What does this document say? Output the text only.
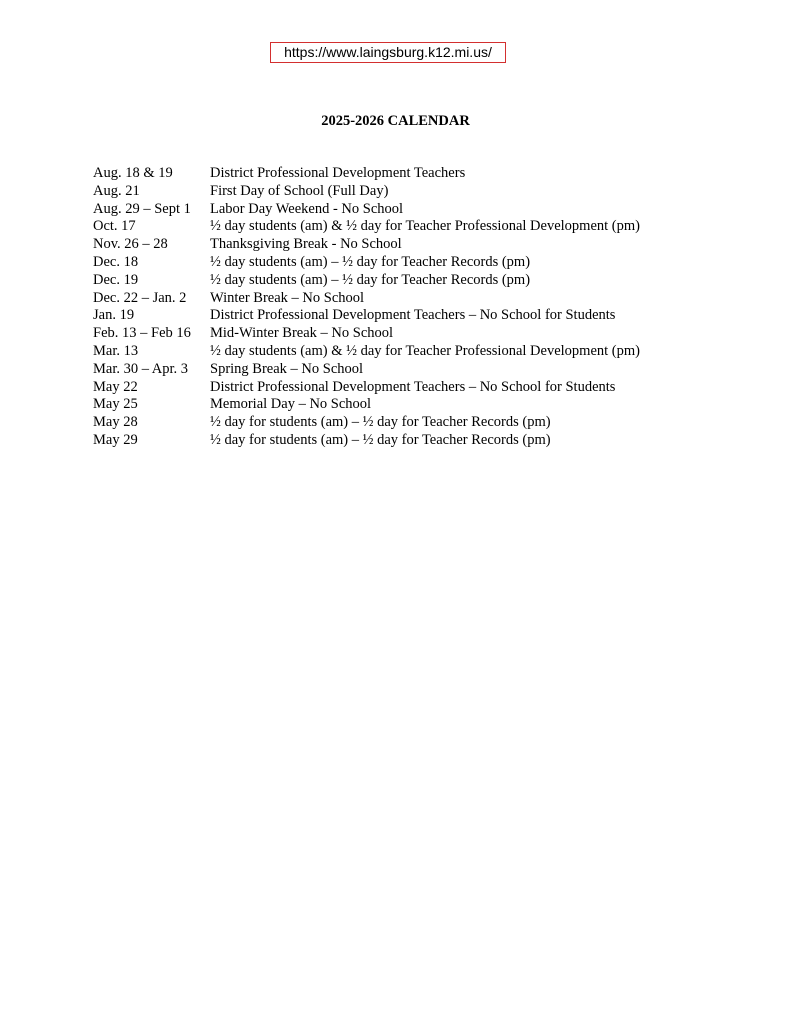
https://www.laingsburg.k12.mi.us/
2025-2026 CALENDAR
Aug. 18 & 19	District Professional Development Teachers
Aug. 21	First Day of School (Full Day)
Aug. 29 – Sept 1	Labor Day Weekend - No School
Oct. 17	½ day students (am) & ½ day for Teacher Professional Development (pm)
Nov. 26 – 28	Thanksgiving Break - No School
Dec. 18	½ day students (am) – ½ day for Teacher Records (pm)
Dec. 19	½ day students (am) – ½ day for Teacher Records (pm)
Dec. 22 – Jan. 2	Winter Break – No School
Jan. 19	District Professional Development Teachers – No School for Students
Feb. 13 – Feb 16	Mid-Winter Break – No School
Mar. 13	½ day students (am) & ½ day for Teacher Professional Development (pm)
Mar. 30 – Apr. 3	Spring Break – No School
May 22	District Professional Development Teachers – No School for Students
May 25	Memorial Day – No School
May 28	½ day for students (am) – ½ day for Teacher Records (pm)
May 29	½ day for students (am) – ½ day for Teacher Records (pm)
